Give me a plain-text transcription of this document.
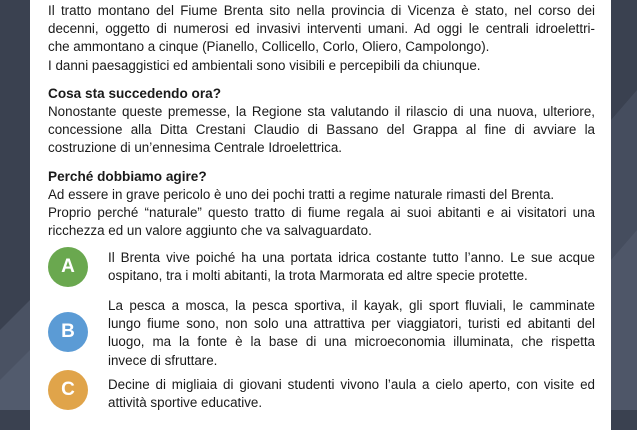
Il tratto montano del Fiume Brenta sito nella provincia di Vicenza è stato, nel corso dei
decenni, oggetto di numerosi ed invasivi interventi umani. Ad oggi le centrali idroelettri-
che ammontano a cinque (Pianello, Collicello, Corlo, Oliero, Campolongo).
I danni paesaggistici ed ambientali sono visibili e percepibili da chiunque.

Cosa sta succedendo ora?

Nonostante queste premesse, la Regione sta valutando il rilascio di una nuova, ulteriore,
concessione alla Ditta Crestani Claudio di Bassano del Grappa al fine di avviare la
costruzione di un’ennesima Centrale Idroelettrica.

Perché dobbiamo agire?

Ad essere in grave pericolo è uno dei pochi tratti a regime naturale rimasti del Brenta.
Proprio perché “naturale” questo tratto di fiume regala ai suoi abitanti e ai visitatori una
ricchezza ed un valore aggiunto che va salvaguardato.

A	Il Brenta vive poiché ha una portata idrica costante tutto l’anno. Le sue acque
ospitano, tra i molti abitanti, la trota Marmorata ed altre specie protette.

B

La pesca a mosca, la pesca sportiva, il kayak, gli sport fluviali, le camminate
lungo fiume sono, non solo una attrattiva per viaggiatori, turisti ed abitanti del
luogo, ma la fonte è la base di una microeconomia illuminata, che rispetta
invece di sfruttare.

C	Decine di migliaia di giovani studenti vivono l’aula a cielo aperto, con visite ed
attività sportive educative.
